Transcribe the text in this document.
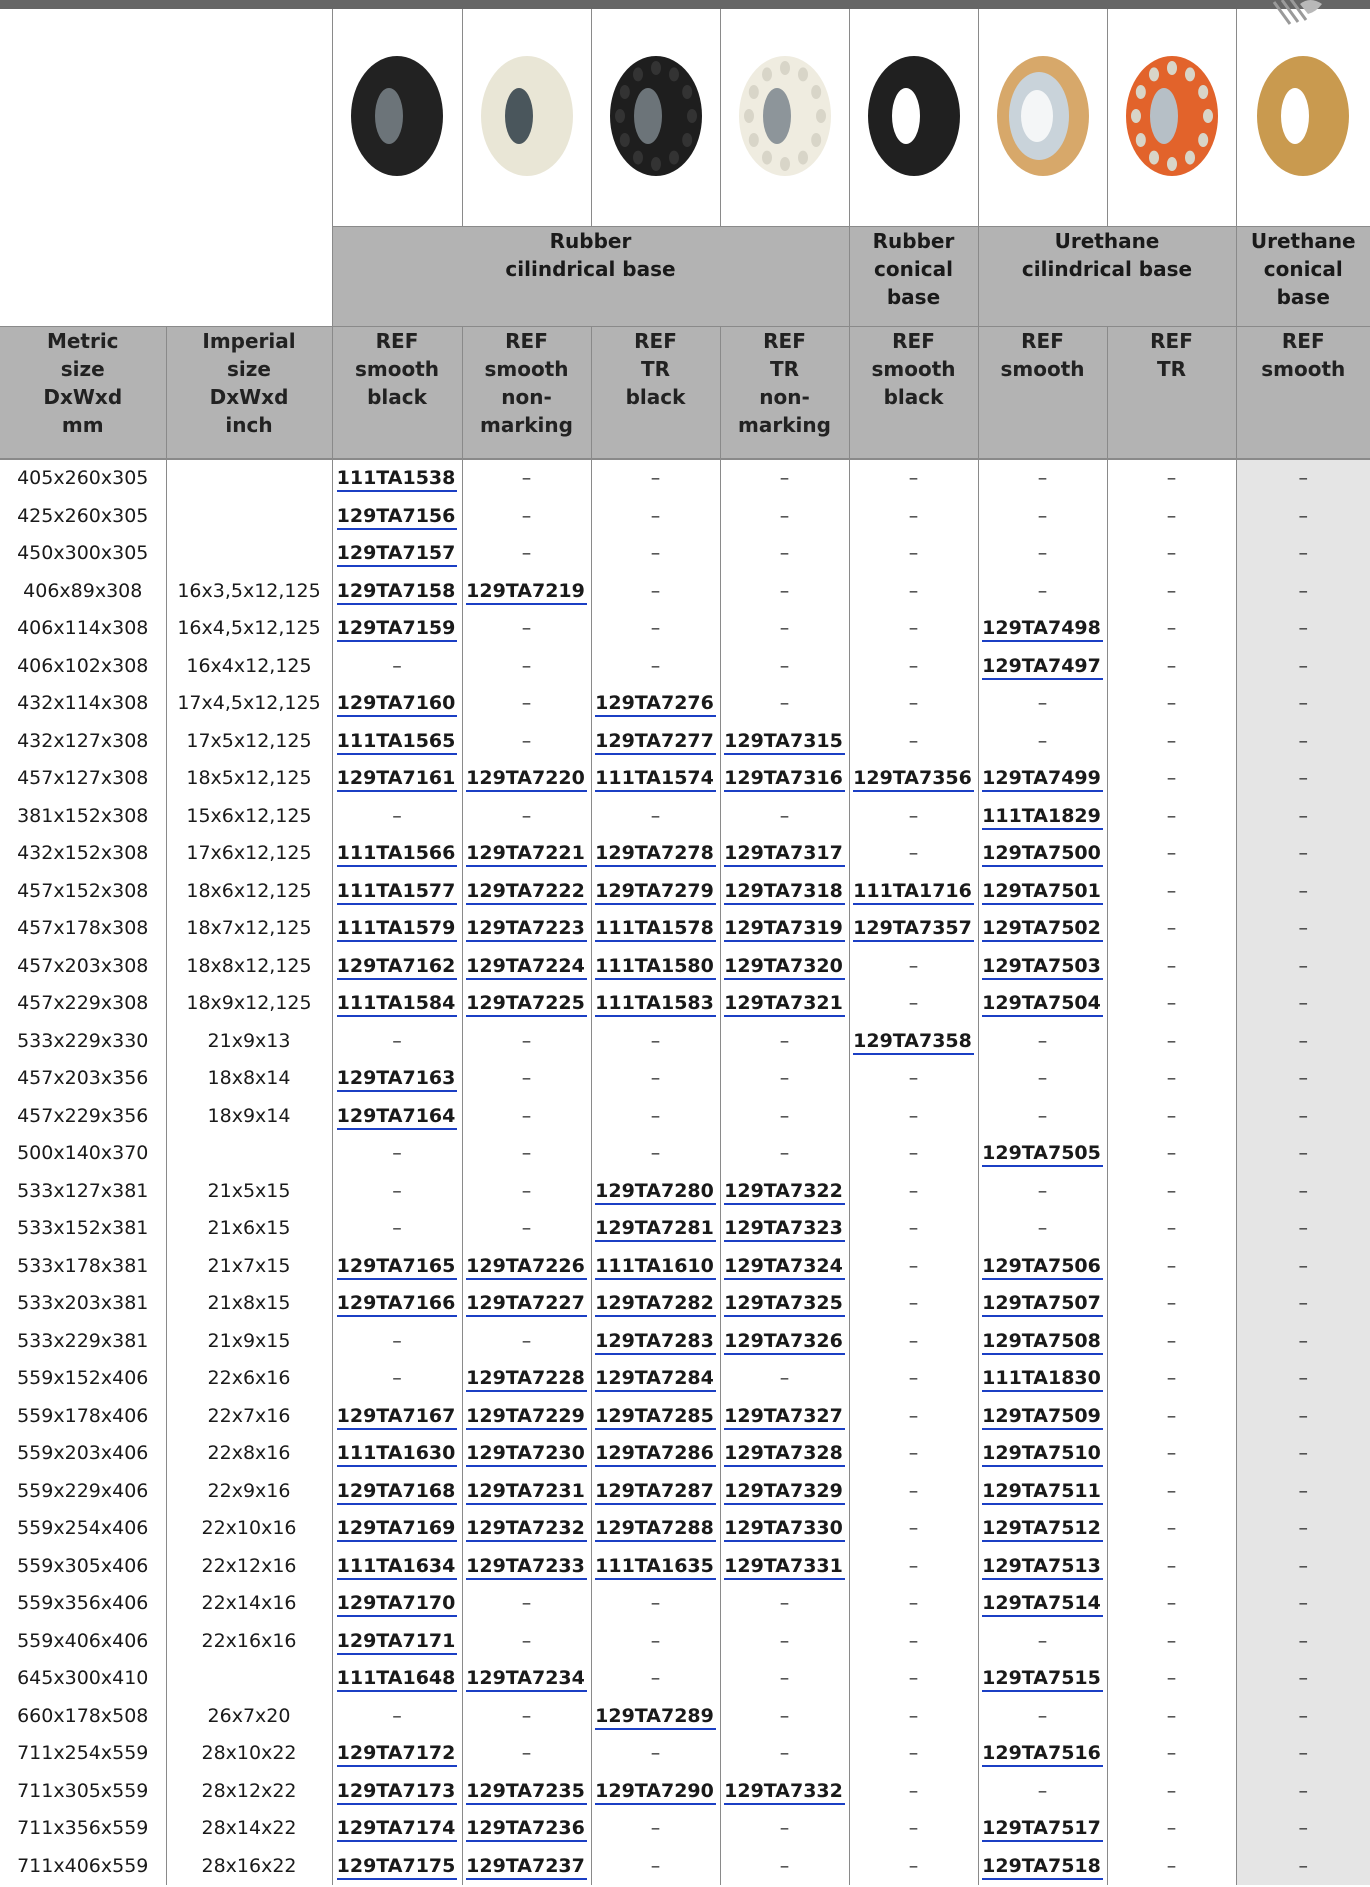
		Rubber
cilindrical base				Rubber
conical
base	Urethane
cilindrical base		Urethane
conical
base
Metric
size
DxWxd
mm	Imperial
size
DxWxd
inch	REF
smooth
black	REF
smooth
non-
marking	REF
TR
black	REF
TR
non-
marking	REF
smooth
black	REF
smooth	REF
TR	REF
smooth
405x260x305		111TA1538	–	–	–	–	–	–	–
425x260x305		129TA7156	–	–	–	–	–	–	–
450x300x305		129TA7157	–	–	–	–	–	–	–
406x89x308	16x3,5x12,125	129TA7158	129TA7219	–	–	–	–	–	–
406x114x308	16x4,5x12,125	129TA7159	–	–	–	–	129TA7498	–	–
406x102x308	16x4x12,125	–	–	–	–	–	129TA7497	–	–
432x114x308	17x4,5x12,125	129TA7160	–	129TA7276	–	–	–	–	–
432x127x308	17x5x12,125	111TA1565	–	129TA7277	129TA7315	–	–	–	–
457x127x308	18x5x12,125	129TA7161	129TA7220	111TA1574	129TA7316	129TA7356	129TA7499	–	–
381x152x308	15x6x12,125	–	–	–	–	–	111TA1829	–	–
432x152x308	17x6x12,125	111TA1566	129TA7221	129TA7278	129TA7317	–	129TA7500	–	–
457x152x308	18x6x12,125	111TA1577	129TA7222	129TA7279	129TA7318	111TA1716	129TA7501	–	–
457x178x308	18x7x12,125	111TA1579	129TA7223	111TA1578	129TA7319	129TA7357	129TA7502	–	–
457x203x308	18x8x12,125	129TA7162	129TA7224	111TA1580	129TA7320	–	129TA7503	–	–
457x229x308	18x9x12,125	111TA1584	129TA7225	111TA1583	129TA7321	–	129TA7504	–	–
533x229x330	21x9x13	–	–	–	–	129TA7358	–	–	–
457x203x356	18x8x14	129TA7163	–	–	–	–	–	–	–
457x229x356	18x9x14	129TA7164	–	–	–	–	–	–	–
500x140x370		–	–	–	–	–	129TA7505	–	–
533x127x381	21x5x15	–	–	129TA7280	129TA7322	–	–	–	–
533x152x381	21x6x15	–	–	129TA7281	129TA7323	–	–	–	–
533x178x381	21x7x15	129TA7165	129TA7226	111TA1610	129TA7324	–	129TA7506	–	–
533x203x381	21x8x15	129TA7166	129TA7227	129TA7282	129TA7325	–	129TA7507	–	–
533x229x381	21x9x15	–	–	129TA7283	129TA7326	–	129TA7508	–	–
559x152x406	22x6x16	–	129TA7228	129TA7284	–	–	111TA1830	–	–
559x178x406	22x7x16	129TA7167	129TA7229	129TA7285	129TA7327	–	129TA7509	–	–
559x203x406	22x8x16	111TA1630	129TA7230	129TA7286	129TA7328	–	129TA7510	–	–
559x229x406	22x9x16	129TA7168	129TA7231	129TA7287	129TA7329	–	129TA7511	–	–
559x254x406	22x10x16	129TA7169	129TA7232	129TA7288	129TA7330	–	129TA7512	–	–
559x305x406	22x12x16	111TA1634	129TA7233	111TA1635	129TA7331	–	129TA7513	–	–
559x356x406	22x14x16	129TA7170	–	–	–	–	129TA7514	–	–
559x406x406	22x16x16	129TA7171	–	–	–	–	–	–	–
645x300x410		111TA1648	129TA7234	–	–	–	129TA7515	–	–
660x178x508	26x7x20	–	–	129TA7289	–	–	–	–	–
711x254x559	28x10x22	129TA7172	–	–	–	–	129TA7516	–	–
711x305x559	28x12x22	129TA7173	129TA7235	129TA7290	129TA7332	–	–	–	–
711x356x559	28x14x22	129TA7174	129TA7236	–	–	–	129TA7517	–	–
711x406x559	28x16x22	129TA7175	129TA7237	–	–	–	129TA7518	–	–
